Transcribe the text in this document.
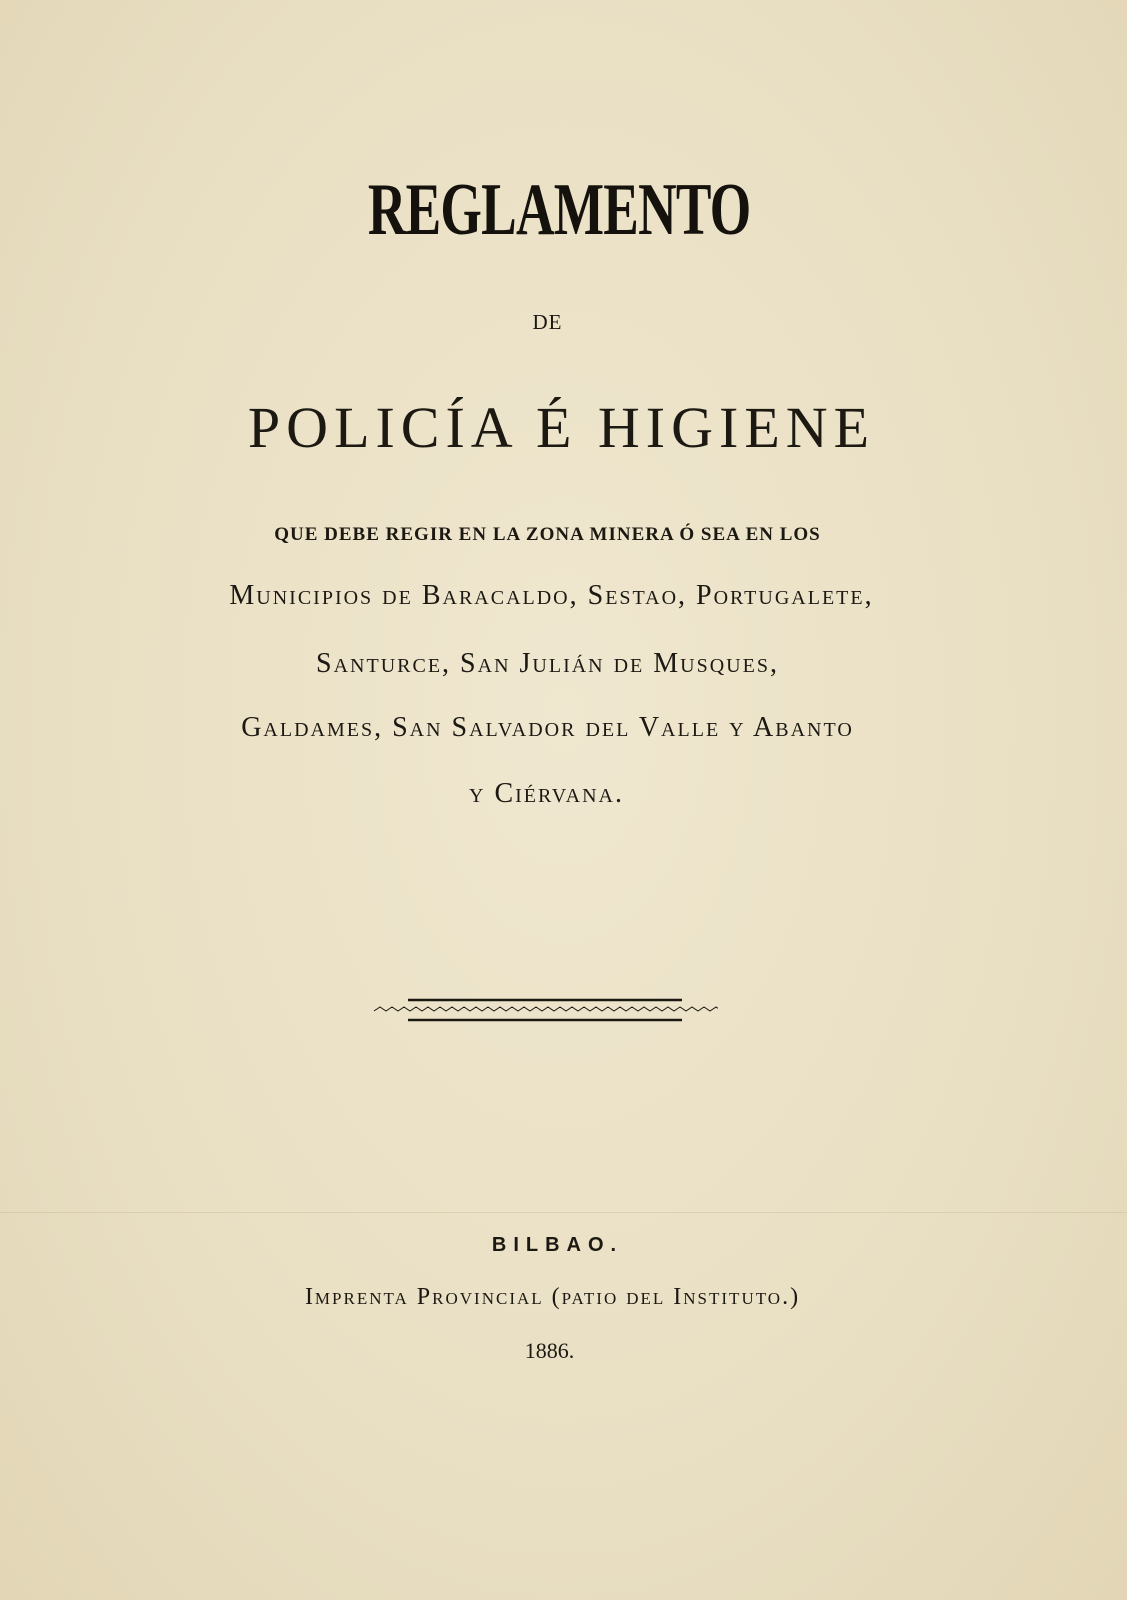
REGLAMENTO
DE
POLICÍA É HIGIENE
QUE DEBE REGIR EN LA ZONA MINERA Ó SEA EN LOS
Municipios de Baracaldo, Sestao, Portugalete,
Santurce, San Julián de Musques,
Galdames, San Salvador del Valle y Abanto
y Ciérvana.
BILBAO.
Imprenta Provincial (patio del Instituto.)
1886.
